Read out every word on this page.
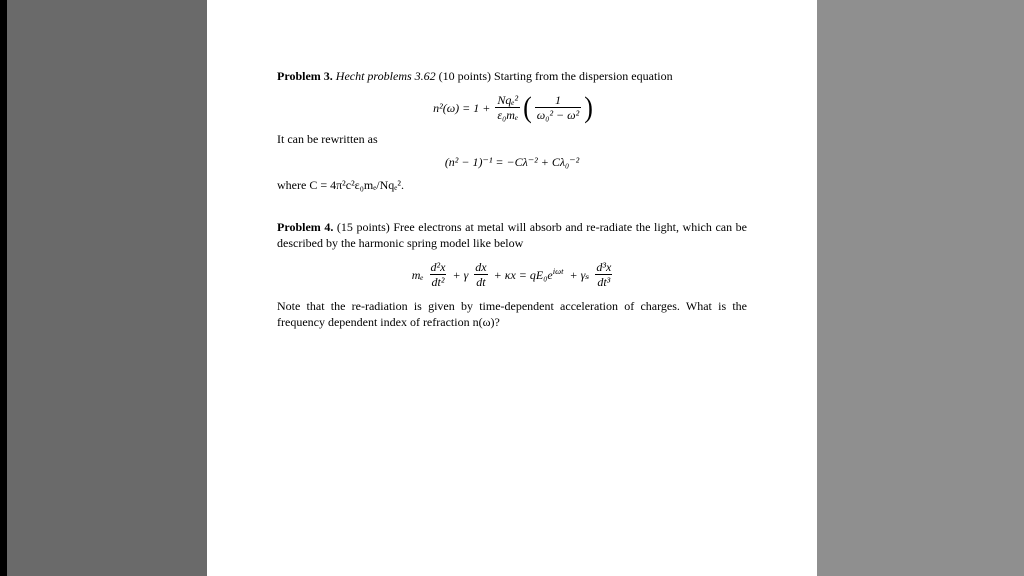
Problem 3. Hecht problems 3.62 (10 points) Starting from the dispersion equation

$n^2(\omega) = 1 + \frac{\text{Nqₑ²}}{\text{ε₀mₑ}}$ ( $\frac{1}{\text{ω₀² − ω²}}$ )

It can be rewritten as

(n² − 1)⁻¹ = −Cλ⁻² + Cλ₀⁻²

where C = 4π²c²ε₀mₑ/Nqₑ².

Problem 4. (15 points) Free electrons at metal will absorb and re-radiate the light, which can be described by the harmonic spring model like below

mₑ $\frac{\text{d²x}}{\text{dt²}} + \gamma \frac{dx}{dt} + \kappa x = qE_0e^{i\omega t} + \gamma_s \frac{\text{d³x}}{\text{dt³}}$

Note that the re-radiation is given by time-dependent acceleration of charges. What is the frequency dependent index of refraction n(ω)?
